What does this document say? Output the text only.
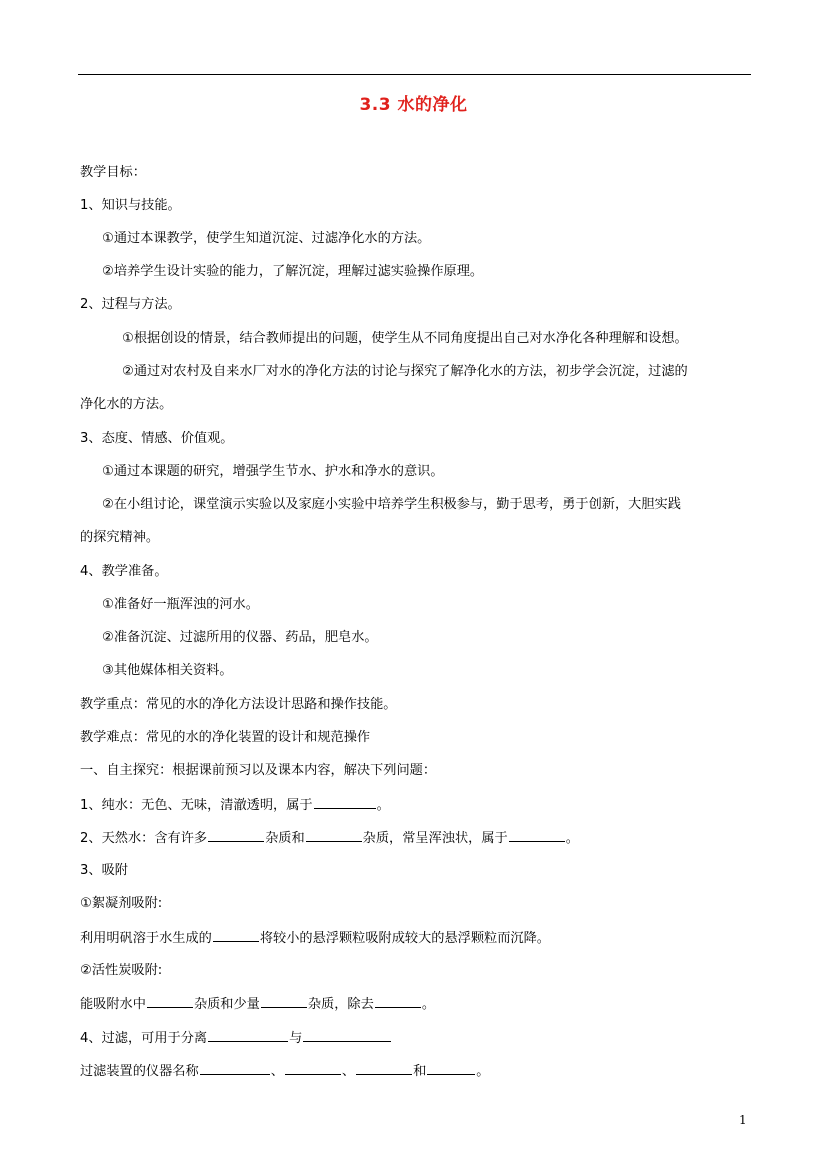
3.3 水的净化
教学目标：
1、知识与技能。
①通过本课教学，使学生知道沉淀、过滤净化水的方法。
②培养学生设计实验的能力，了解沉淀，理解过滤实验操作原理。
2、过程与方法。
①根据创设的情景，结合教师提出的问题，使学生从不同角度提出自己对水净化各种理解和设想。
②通过对农村及自来水厂对水的净化方法的讨论与探究了解净化水的方法，初步学会沉淀，过滤的
净化水的方法。
3、态度、情感、价值观。
①通过本课题的研究，增强学生节水、护水和净水的意识。
②在小组讨论，课堂演示实验以及家庭小实验中培养学生积极参与，勤于思考，勇于创新，大胆实践
的探究精神。
4、教学准备。
①准备好一瓶浑浊的河水。
②准备沉淀、过滤所用的仪器、药品，肥皂水。
③其他媒体相关资料。
教学重点：常见的水的净化方法设计思路和操作技能。
教学难点：常见的水的净化装置的设计和规范操作
一、自主探究：根据课前预习以及课本内容，解决下列问题：
1、纯水：无色、无味，清澈透明，属于	。
2、天然水：含有许多	杂质和	杂质，常呈浑浊状，属于	。
3、吸附
①絮凝剂吸附:
利用明矾溶于水生成的	将较小的悬浮颗粒吸附成较大的悬浮颗粒而沉降。
②活性炭吸附:
能吸附水中	杂质和少量	杂质，除去	。
4、过滤，可用于分离	与
过滤装置的仪器名称	、	、	和	。
1
